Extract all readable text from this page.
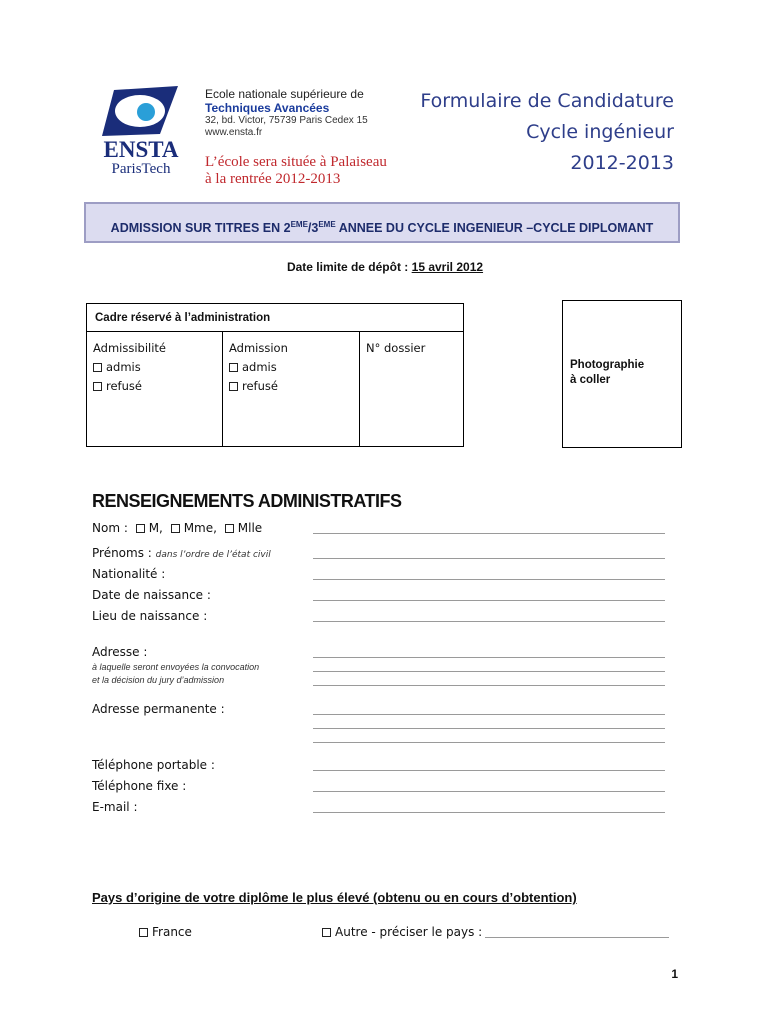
ENSTA
ParisTech
Ecole nationale supérieure de
Techniques Avancées
32, bd. Victor, 75739 Paris Cedex 15
www.ensta.fr
L’école sera située à Palaiseau
à la rentrée 2012-2013
Formulaire de Candidature
Cycle ingénieur
2012-2013
ADMISSION SUR TITRES EN 2EME/3EME ANNEE DU CYCLE INGENIEUR –CYCLE DIPLOMANT
Date limite de dépôt : 15 avril 2012
Cadre réservé à l’administration
Admissibilité
admis
refusé
Admission
admis
refusé
N° dossier
Photographie
à coller
RENSEIGNEMENTS ADMINISTRATIFS
Nom : M, Mme, Mlle
Prénoms : dans l’ordre de l’état civil
Nationalité :
Date de naissance :
Lieu de naissance :
Adresse :
à laquelle seront envoyées la convocation
et la décision du jury d’admission
Adresse permanente :
Téléphone portable :
Téléphone fixe :
E-mail :
Pays d’origine de votre diplôme le plus élevé (obtenu ou en cours d’obtention)
France	Autre - préciser le pays :
1
